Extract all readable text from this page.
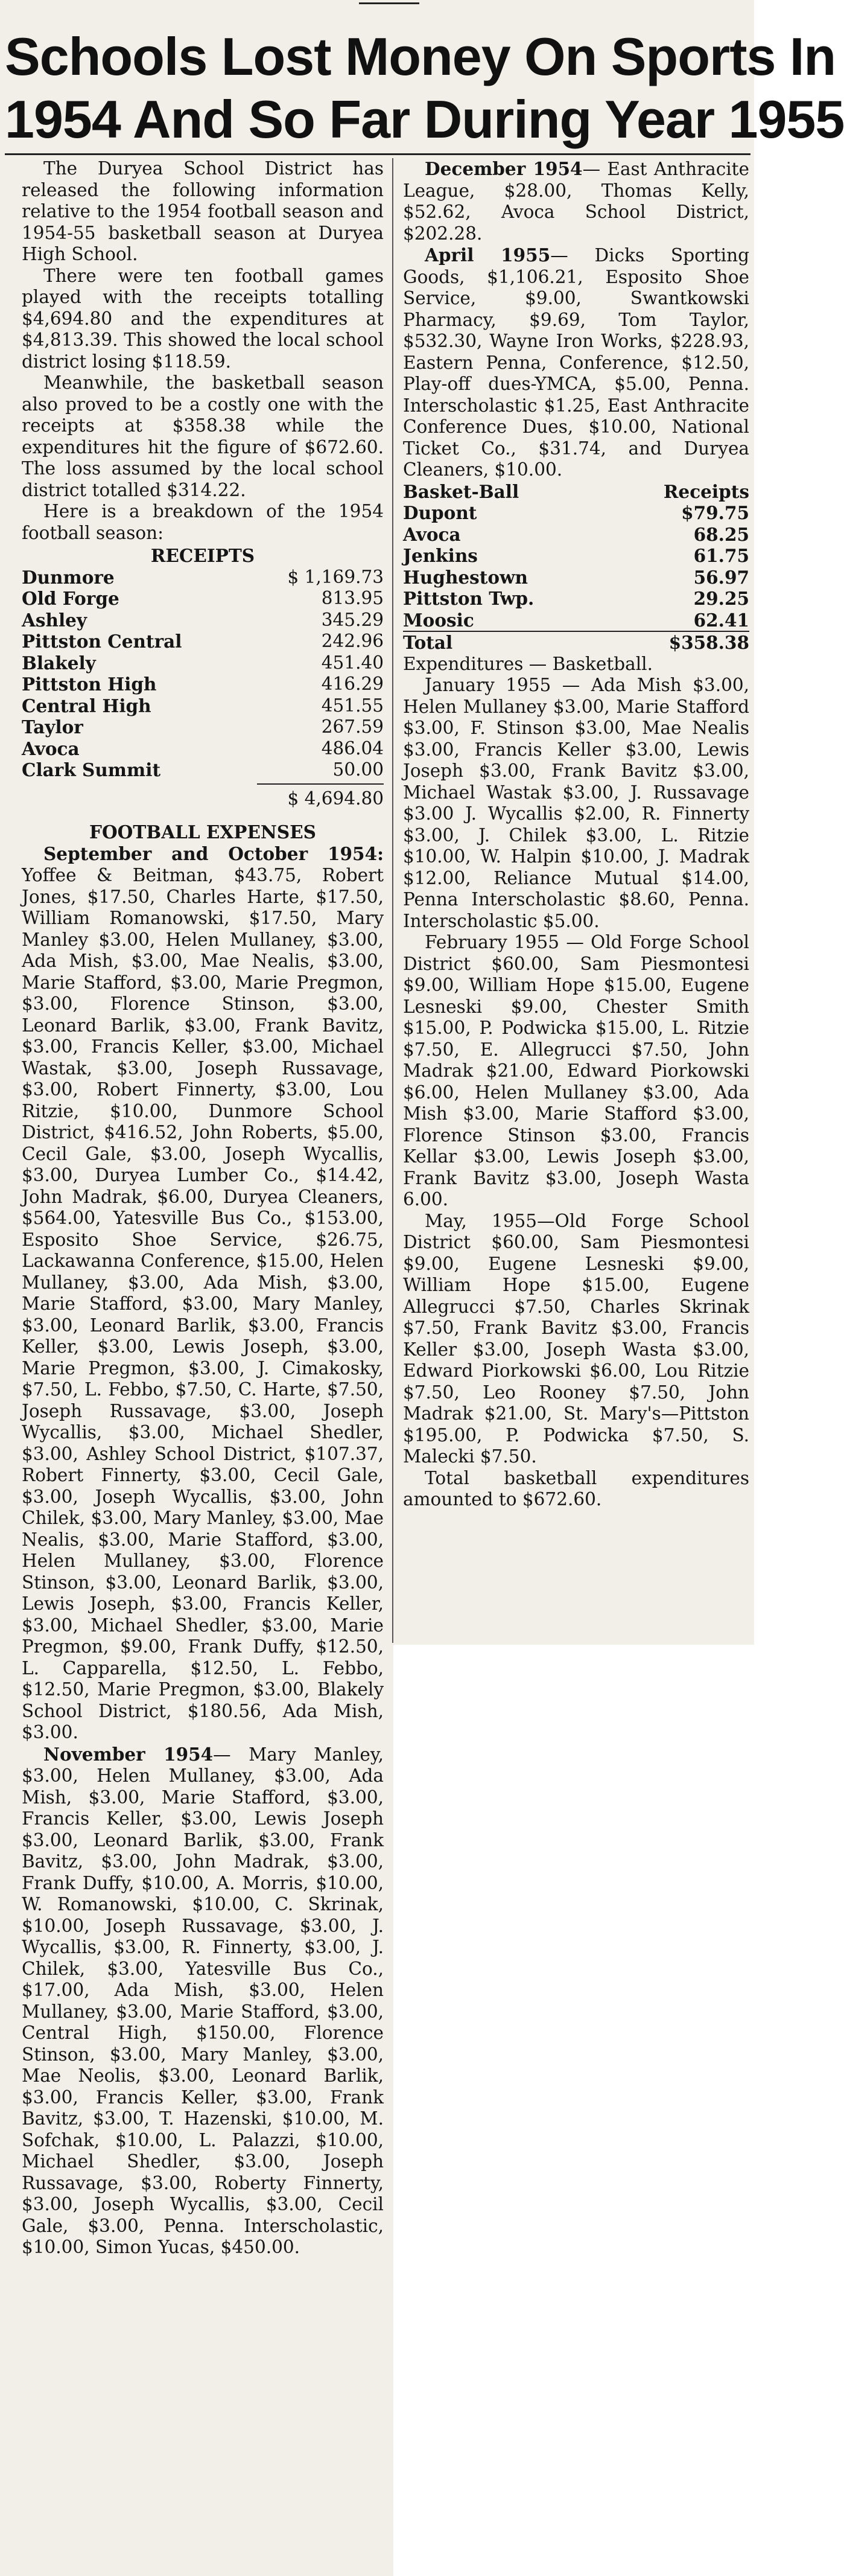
Schools Lost Money On Sports In
1954 And So Far During Year 1955

The Duryea School District has released the following information relative to the 1954 football season and 1954-55 basketball season at Duryea High School.

There were ten football games played with the receipts totalling $4,694.80 and the expenditures at $4,813.39. This showed the local school district losing $118.59.

Meanwhile, the basketball season also proved to be a costly one with the receipts at $358.38 while the expenditures hit the figure of $672.60. The loss assumed by the local school district totalled $314.22.

Here is a breakdown of the 1954 football season:

RECEIPTS
Dunmore	$ 1,169.73
Old Forge	813.95
Ashley	345.29
Pittston Central	242.96
Blakely	451.40
Pittston High	416.29
Central High	451.55
Taylor	267.59
Avoca	486.04
Clark Summit	50.00
$ 4,694.80
FOOTBALL EXPENSES

September and October 1954: Yoffee & Beitman, $43.75, Robert Jones, $17.50, Charles Harte, $17.50, William Romanowski, $17.50, Mary Manley $3.00, Helen Mullaney, $3.00, Ada Mish, $3.00, Mae Nealis, $3.00, Marie Stafford, $3.00, Marie Pregmon, $3.00, Florence Stinson, $3.00, Leonard Barlik, $3.00, Frank Bavitz, $3.00, Francis Keller, $3.00, Michael Wastak, $3.00, Joseph Russavage, $3.00, Robert Finnerty, $3.00, Lou Ritzie, $10.00, Dunmore School District, $416.52, John Roberts, $5.00, Cecil Gale, $3.00, Joseph Wycallis, $3.00, Duryea Lumber Co., $14.42, John Madrak, $6.00, Duryea Cleaners, $564.00, Yatesville Bus Co., $153.00, Esposito Shoe Service, $26.75, Lackawanna Conference, $15.00, Helen Mullaney, $3.00, Ada Mish, $3.00, Marie Stafford, $3.00, Mary Manley, $3.00, Leonard Barlik, $3.00, Francis Keller, $3.00, Lewis Joseph, $3.00, Marie Pregmon, $3.00, J. Cimakosky, $7.50, L. Febbo, $7.50, C. Harte, $7.50, Joseph Russavage, $3.00, Joseph Wycallis, $3.00, Michael Shedler, $3.00, Ashley School District, $107.37, Robert Finnerty, $3.00, Cecil Gale, $3.00, Joseph Wycallis, $3.00, John Chilek, $3.00, Mary Manley, $3.00, Mae Nealis, $3.00, Marie Stafford, $3.00, Helen Mullaney, $3.00, Florence Stinson, $3.00, Leonard Barlik, $3.00, Lewis Joseph, $3.00, Francis Keller, $3.00, Michael Shedler, $3.00, Marie Pregmon, $9.00, Frank Duffy, $12.50, L. Capparella, $12.50, L. Febbo, $12.50, Marie Pregmon, $3.00, Blakely School District, $180.56, Ada Mish, $3.00.

November 1954— Mary Manley, $3.00, Helen Mullaney, $3.00, Ada Mish, $3.00, Marie Stafford, $3.00, Francis Keller, $3.00, Lewis Joseph $3.00, Leonard Barlik, $3.00, Frank Bavitz, $3.00, John Madrak, $3.00, Frank Duffy, $10.00, A. Morris, $10.00, W. Romanowski, $10.00, C. Skrinak, $10.00, Joseph Russavage, $3.00, J. Wycallis, $3.00, R. Finnerty, $3.00, J. Chilek, $3.00, Yatesville Bus Co., $17.00, Ada Mish, $3.00, Helen Mullaney, $3.00, Marie Stafford, $3.00, Central High, $150.00, Florence Stinson, $3.00, Mary Manley, $3.00, Mae Neolis, $3.00, Leonard Barlik, $3.00, Francis Keller, $3.00, Frank Bavitz, $3.00, T. Hazenski, $10.00, M. Sofchak, $10.00, L. Palazzi, $10.00, Michael Shedler, $3.00, Joseph Russavage, $3.00, Roberty Finnerty, $3.00, Joseph Wycallis, $3.00, Cecil Gale, $3.00, Penna. Interscholastic, $10.00, Simon Yucas, $450.00.

December 1954— East Anthracite League, $28.00, Thomas Kelly, $52.62, Avoca School District, $202.28.

April 1955— Dicks Sporting Goods, $1,106.21, Esposito Shoe Service, $9.00, Swantkowski Pharmacy, $9.69, Tom Taylor, $532.30, Wayne Iron Works, $228.93, Eastern Penna, Conference, $12.50, Play-off dues-YMCA, $5.00, Penna. Interscholastic $1.25, East Anthracite Conference Dues, $10.00, National Ticket Co., $31.74, and Duryea Cleaners, $10.00.

Basket-Ball	Receipts
Dupont	$79.75
Avoca	68.25
Jenkins	61.75
Hughestown	56.97
Pittston Twp.	29.25
Moosic	62.41
Total	$358.38

Expenditures — Basketball.

January 1955 — Ada Mish $3.00, Helen Mullaney $3.00, Marie Stafford $3.00, F. Stinson $3.00, Mae Nealis $3.00, Francis Keller $3.00, Lewis Joseph $3.00, Frank Bavitz $3.00, Michael Wastak $3.00, J. Russavage $3.00 J. Wycallis $2.00, R. Finnerty $3.00, J. Chilek $3.00, L. Ritzie $10.00, W. Halpin $10.00, J. Madrak $12.00, Reliance Mutual $14.00, Penna Interscholastic $8.60, Penna. Interscholastic $5.00.

February 1955 — Old Forge School District $60.00, Sam Piesmontesi $9.00, William Hope $15.00, Eugene Lesneski $9.00, Chester Smith $15.00, P. Podwicka $15.00, L. Ritzie $7.50, E. Allegrucci $7.50, John Madrak $21.00, Edward Piorkowski $6.00, Helen Mullaney $3.00, Ada Mish $3.00, Marie Stafford $3.00, Florence Stinson $3.00, Francis Kellar $3.00, Lewis Joseph $3.00, Frank Bavitz $3.00, Joseph Wasta 6.00.

May, 1955—Old Forge School District $60.00, Sam Piesmontesi $9.00, Eugene Lesneski $9.00, William Hope $15.00, Eugene Allegrucci $7.50, Charles Skrinak $7.50, Frank Bavitz $3.00, Francis Keller $3.00, Joseph Wasta $3.00, Edward Piorkowski $6.00, Lou Ritzie $7.50, Leo Rooney $7.50, John Madrak $21.00, St. Mary's—Pittston $195.00, P. Podwicka $7.50, S. Malecki $7.50.

Total basketball expenditures amounted to $672.60.
